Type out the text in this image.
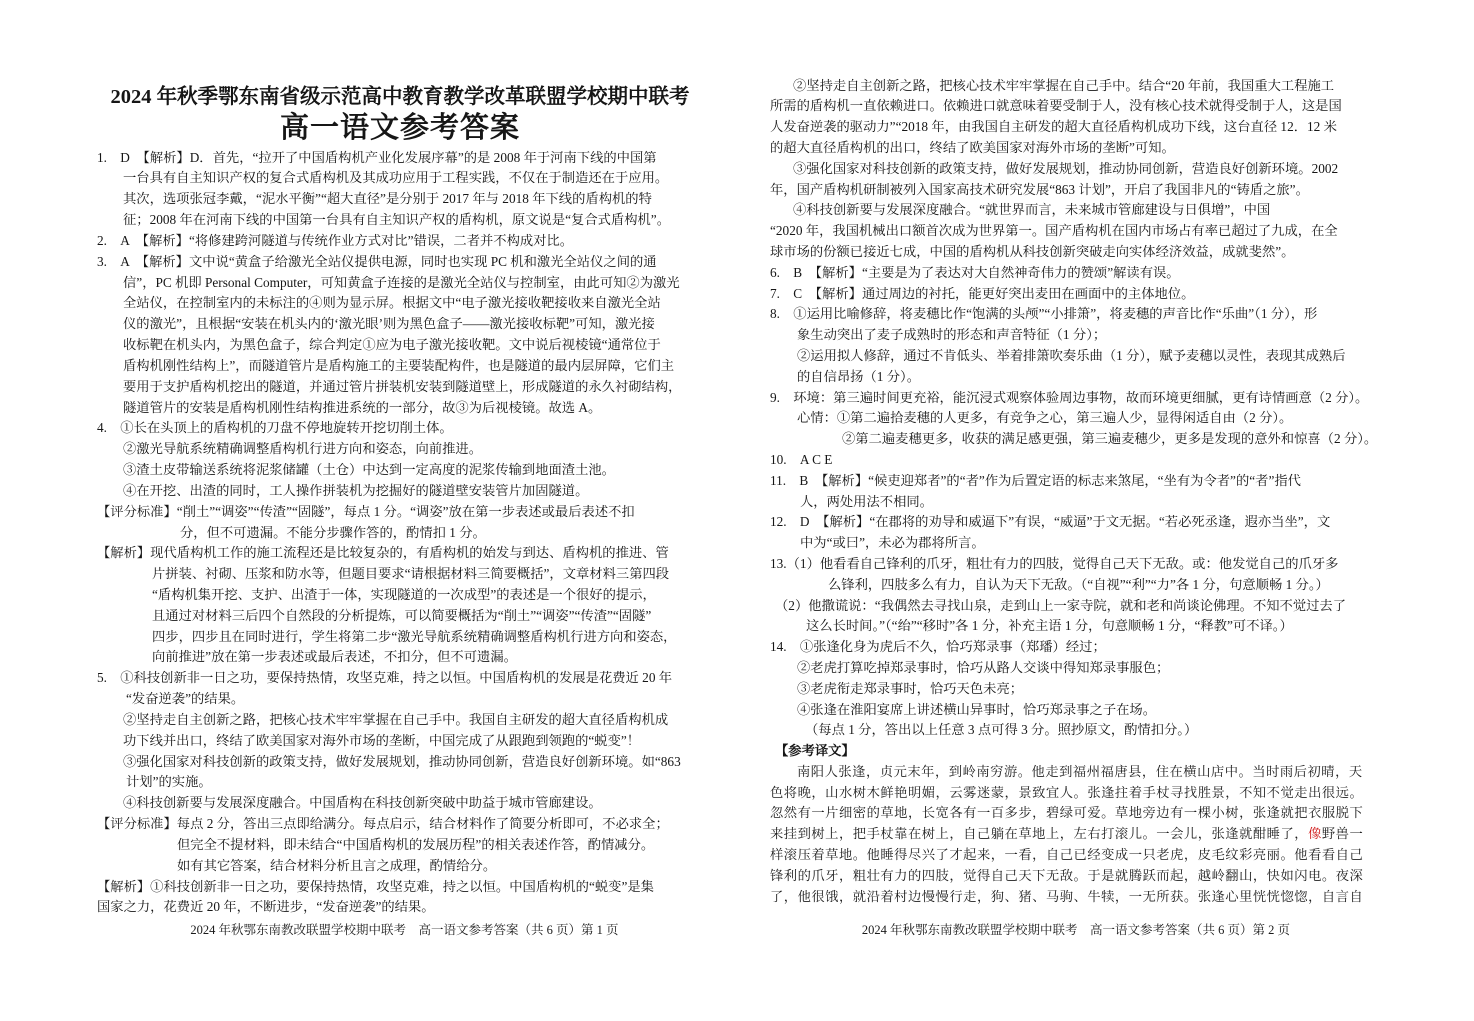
2024 年秋季鄂东南省级示范高中教育教学改革联盟学校期中联考
高一语文参考答案
1.　D　【解析】D．首先，“拉开了中国盾构机产业化发展序幕”的是 2008 年于河南下线的中国第
一台具有自主知识产权的复合式盾构机及其成功应用于工程实践，不仅在于制造还在于应用。
其次，选项张冠李戴，“泥水平衡”“超大直径”是分别于 2017 年与 2018 年下线的盾构机的特
征；2008 年在河南下线的中国第一台具有自主知识产权的盾构机，原文说是“复合式盾构机”。
2.　A　【解析】“将修建跨河隧道与传统作业方式对比”错误，二者并不构成对比。
3.　A　【解析】文中说“黄盒子给激光全站仪提供电源，同时也实现 PC 机和激光全站仪之间的通
信”，PC 机即 Personal Computer，可知黄盒子连接的是激光全站仪与控制室，由此可知②为激光
全站仪，在控制室内的未标注的④则为显示屏。根据文中“电子激光接收靶接收来自激光全站
仪的激光”，且根据“安装在机头内的‘激光眼’则为黑色盒子——激光接收标靶”可知，激光接
收标靶在机头内，为黑色盒子，综合判定①应为电子激光接收靶。文中说后视棱镜“通常位于
盾构机刚性结构上”，而隧道管片是盾构施工的主要装配构件，也是隧道的最内层屏障，它们主
要用于支护盾构机挖出的隧道，并通过管片拼装机安装到隧道壁上，形成隧道的永久衬砌结构，
隧道管片的安装是盾构机刚性结构推进系统的一部分，故③为后视棱镜。故选 A。
4.　①长在头顶上的盾构机的刀盘不停地旋转开挖切削土体。
②激光导航系统精确调整盾构机行进方向和姿态，向前推进。
③渣土皮带输送系统将泥浆储罐（土仓）中达到一定高度的泥浆传输到地面渣土池。
④在开挖、出渣的同时，工人操作拼装机为挖掘好的隧道壁安装管片加固隧道。
【评分标准】“削土”“调姿”“传渣”“固隧”，每点 1 分。“调姿”放在第一步表述或最后表述不扣
分，但不可遗漏。不能分步骤作答的，酌情扣 1 分。
【解析】现代盾构机工作的施工流程还是比较复杂的，有盾构机的始发与到达、盾构机的推进、管
片拼装、衬砌、压浆和防水等，但题目要求“请根据材料三简要概括”，文章材料三第四段
“盾构机集开挖、支护、出渣于一体，实现隧道的一次成型”的表述是一个很好的提示，
且通过对材料三后四个自然段的分析提炼，可以简要概括为“削土”“调姿”“传渣”“固隧”
四步，四步且在同时进行，学生将第二步“激光导航系统精确调整盾构机行进方向和姿态，
向前推进”放在第一步表述或最后表述，不扣分，但不可遗漏。
5.　①科技创新非一日之功，要保持热情，攻坚克难，持之以恒。中国盾构机的发展是花费近 20 年
“发奋逆袭”的结果。
②坚持走自主创新之路，把核心技术牢牢掌握在自己手中。我国自主研发的超大直径盾构机成
功下线并出口，终结了欧美国家对海外市场的垄断，中国完成了从跟跑到领跑的“蜕变”！
③强化国家对科技创新的政策支持，做好发展规划，推动协同创新，营造良好创新环境。如“863
计划”的实施。
④科技创新要与发展深度融合。中国盾构在科技创新突破中助益于城市管廊建设。
【评分标准】每点 2 分，答出三点即给满分。每点启示，结合材料作了简要分析即可，不必求全；
但完全不提材料，即未结合“中国盾构机的发展历程”的相关表述作答，酌情减分。
如有其它答案，结合材料分析且言之成理，酌情给分。
【解析】①科技创新非一日之功，要保持热情，攻坚克难，持之以恒。中国盾构机的“蜕变”是集
国家之力，花费近 20 年，不断进步，“发奋逆袭”的结果。
②坚持走自主创新之路，把核心技术牢牢掌握在自己手中。结合“20 年前，我国重大工程施工
所需的盾构机一直依赖进口。依赖进口就意味着要受制于人，没有核心技术就得受制于人，这是国
人发奋逆袭的驱动力”“2018 年，由我国自主研发的超大直径盾构机成功下线，这台直径 12．12 米
的超大直径盾构机的出口，终结了欧美国家对海外市场的垄断”可知。
③强化国家对科技创新的政策支持，做好发展规划，推动协同创新，营造良好创新环境。2002
年，国产盾构机研制被列入国家高技术研究发展“863 计划”，开启了我国非凡的“铸盾之旅”。
④科技创新要与发展深度融合。“就世界而言，未来城市管廊建设与日俱增”，中国
“2020 年，我国机械出口额首次成为世界第一。国产盾构机在国内市场占有率已超过了九成，在全
球市场的份额已接近七成，中国的盾构机从科技创新突破走向实体经济效益，成就斐然”。
6.　B　【解析】“主要是为了表达对大自然神奇伟力的赞颂”解读有误。
7.　C　【解析】通过周边的衬托，能更好突出麦田在画面中的主体地位。
8.　①运用比喻修辞，将麦穗比作“饱满的头颅”“小排箫”，将麦穗的声音比作“乐曲”（1 分），形
象生动突出了麦子成熟时的形态和声音特征（1 分）；
②运用拟人修辞，通过不肯低头、举着排箫吹奏乐曲（1 分），赋予麦穗以灵性，表现其成熟后
的自信昂扬（1 分）。
9.　环境：第三遍时间更充裕，能沉浸式观察体验周边事物，故而环境更细腻，更有诗情画意（2 分）。
心情：①第二遍拾麦穗的人更多，有竞争之心，第三遍人少，显得闲适自由（2 分）。
②第二遍麦穗更多，收获的满足感更强，第三遍麦穗少，更多是发现的意外和惊喜（2 分）。
10.　A C E
11.　B　【解析】“候吏迎郑者”的“者”作为后置定语的标志来煞尾，“坐有为令者”的“者”指代
人，两处用法不相同。
12.　D　【解析】“在郡将的劝导和威逼下”有误，“威逼”于文无据。“若必死丞逢，遐亦当坐”，文
中为“或曰”，未必为郡将所言。
13.（1）他看看自己锋利的爪牙，粗壮有力的四肢，觉得自己天下无敌。或：他发觉自己的爪牙多
么锋利，四肢多么有力，自认为天下无敌。（“自视”“利”“力”各 1 分，句意顺畅 1 分。）
（2）他撒谎说：“我偶然去寻找山泉，走到山上一家寺院，就和老和尚谈论佛理。不知不觉过去了
这么长时间。”（“绐”“移时”各 1 分，补充主语 1 分，句意顺畅 1 分，“释教”可不译。）
14.　①张逢化身为虎后不久，恰巧郑录事（郑璠）经过；
②老虎打算吃掉郑录事时，恰巧从路人交谈中得知郑录事服色；
③老虎衔走郑录事时，恰巧天色未亮；
④张逢在淮阳宴席上讲述横山异事时，恰巧郑录事之子在场。
（每点 1 分，答出以上任意 3 点可得 3 分。照抄原文，酌情扣分。）
【参考译文】
南阳人张逢，贞元末年，到岭南穷游。他走到福州福唐县，住在横山店中。当时雨后初晴，天
色将晚，山水树木鲜艳明媚，云雾迷蒙，景致宜人。张逢拄着手杖寻找胜景，不知不觉走出很远。
忽然有一片细密的草地，长宽各有一百多步，碧绿可爱。草地旁边有一棵小树，张逢就把衣服脱下
来挂到树上，把手杖靠在树上，自己躺在草地上，左右打滚儿。一会儿，张逢就酣睡了，像野兽一
样滚压着草地。他睡得尽兴了才起来，一看，自己已经变成一只老虎，皮毛纹彩亮丽。他看看自己
锋利的爪牙，粗壮有力的四肢，觉得自己天下无敌。于是就腾跃而起，越岭翻山，快如闪电。夜深
了，他很饿，就沿着村边慢慢行走，狗、猪、马驹、牛犊，一无所获。张逢心里恍恍惚惚，自言自
2024 年秋鄂东南教改联盟学校期中联考　高一语文参考答案（共 6 页）第 1 页	2024 年秋鄂东南教改联盟学校期中联考　高一语文参考答案（共 6 页）第 2 页
